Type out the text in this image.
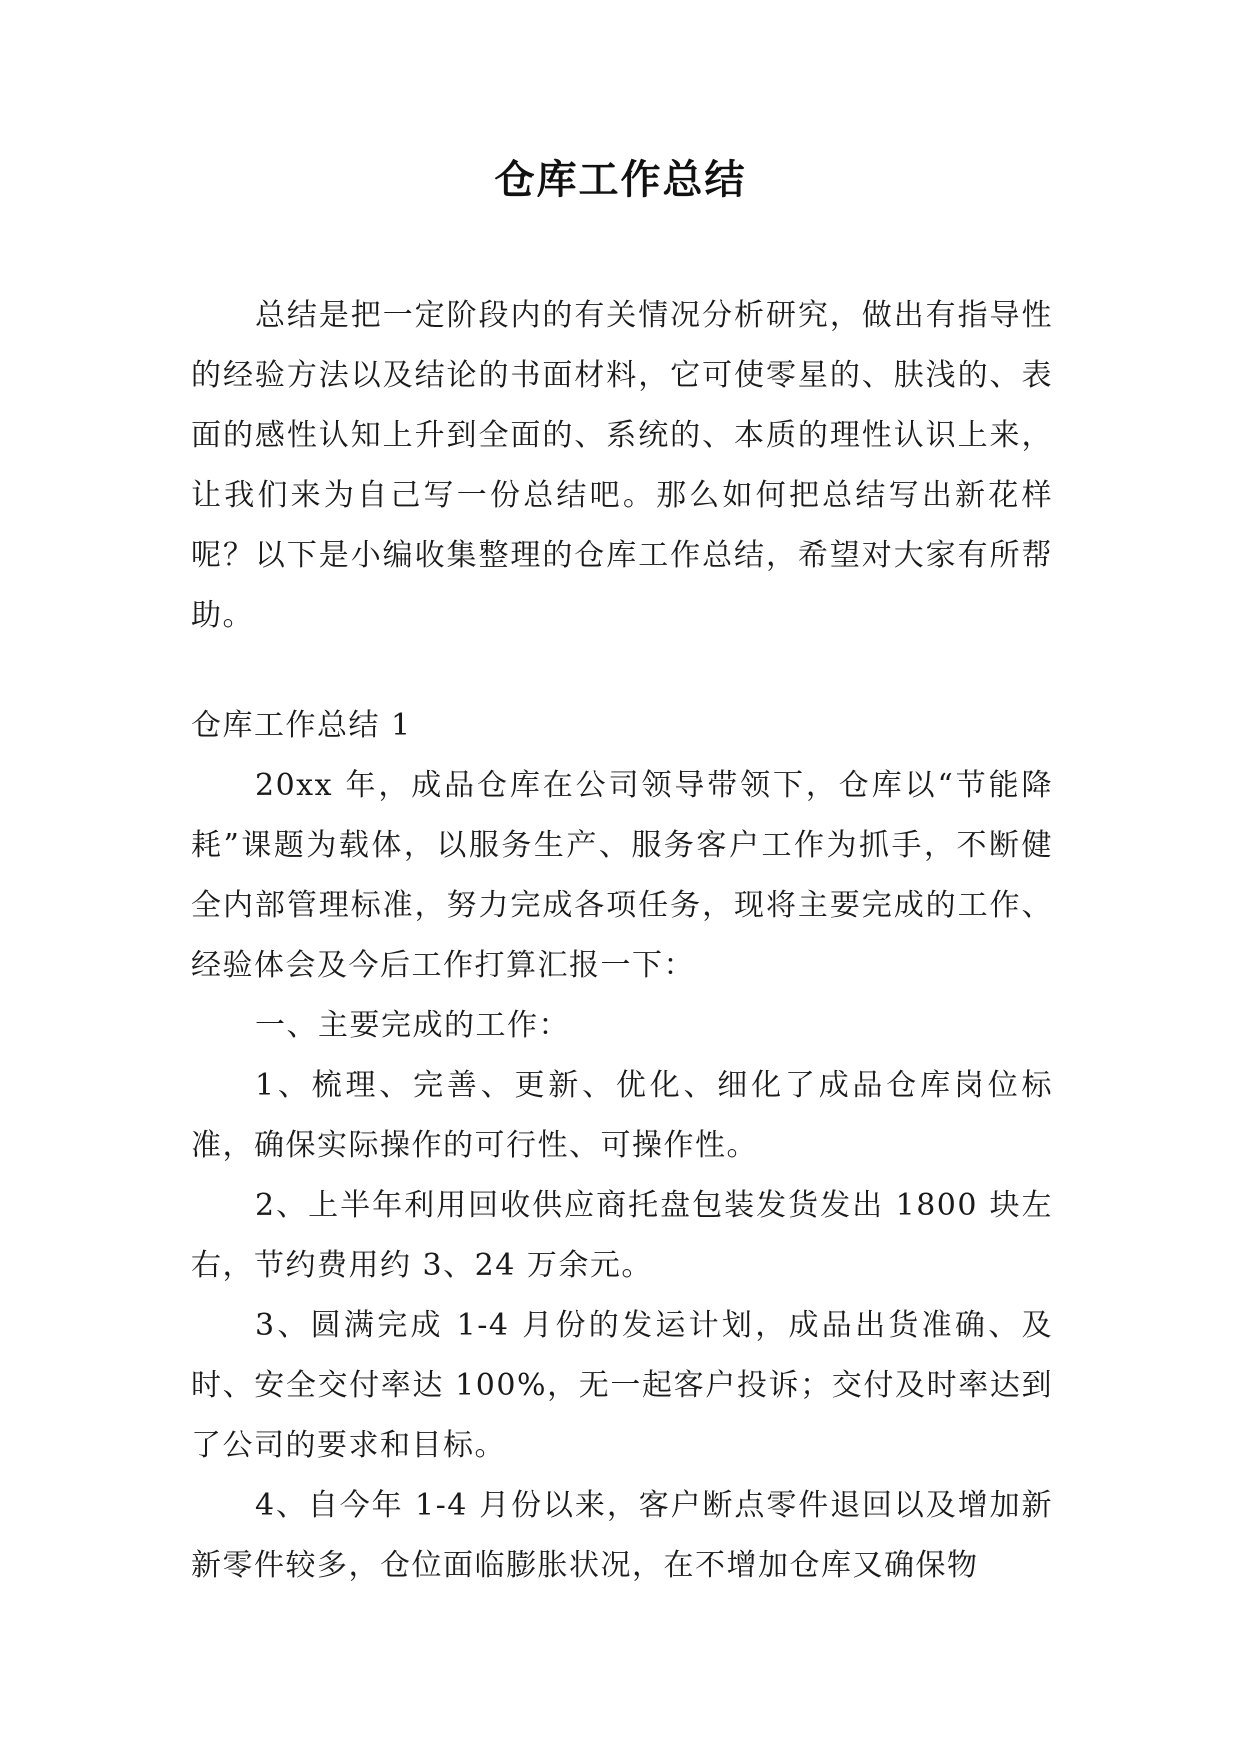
仓库工作总结

总结是把一定阶段内的有关情况分析研究，做出有指导性的经验方法以及结论的书面材料，它可使零星的、肤浅的、表面的感性认知上升到全面的、系统的、本质的理性认识上来，让我们来为自己写一份总结吧。那么如何把总结写出新花样呢？以下是小编收集整理的仓库工作总结，希望对大家有所帮助。

仓库工作总结 1

20xx 年，成品仓库在公司领导带领下，仓库以“节能降耗”课题为载体，以服务生产、服务客户工作为抓手，不断健全内部管理标准，努力完成各项任务，现将主要完成的工作、经验体会及今后工作打算汇报一下：

一、主要完成的工作：

1、梳理、完善、更新、优化、细化了成品仓库岗位标准，确保实际操作的可行性、可操作性。

2、上半年利用回收供应商托盘包装发货发出 1800 块左右，节约费用约 3、24 万余元。

3、圆满完成 1-4 月份的发运计划，成品出货准确、及时、安全交付率达 100%，无一起客户投诉；交付及时率达到了公司的要求和目标。

4、自今年 1-4 月份以来，客户断点零件退回以及增加新新零件较多，仓位面临膨胀状况，在不增加仓库又确保物
